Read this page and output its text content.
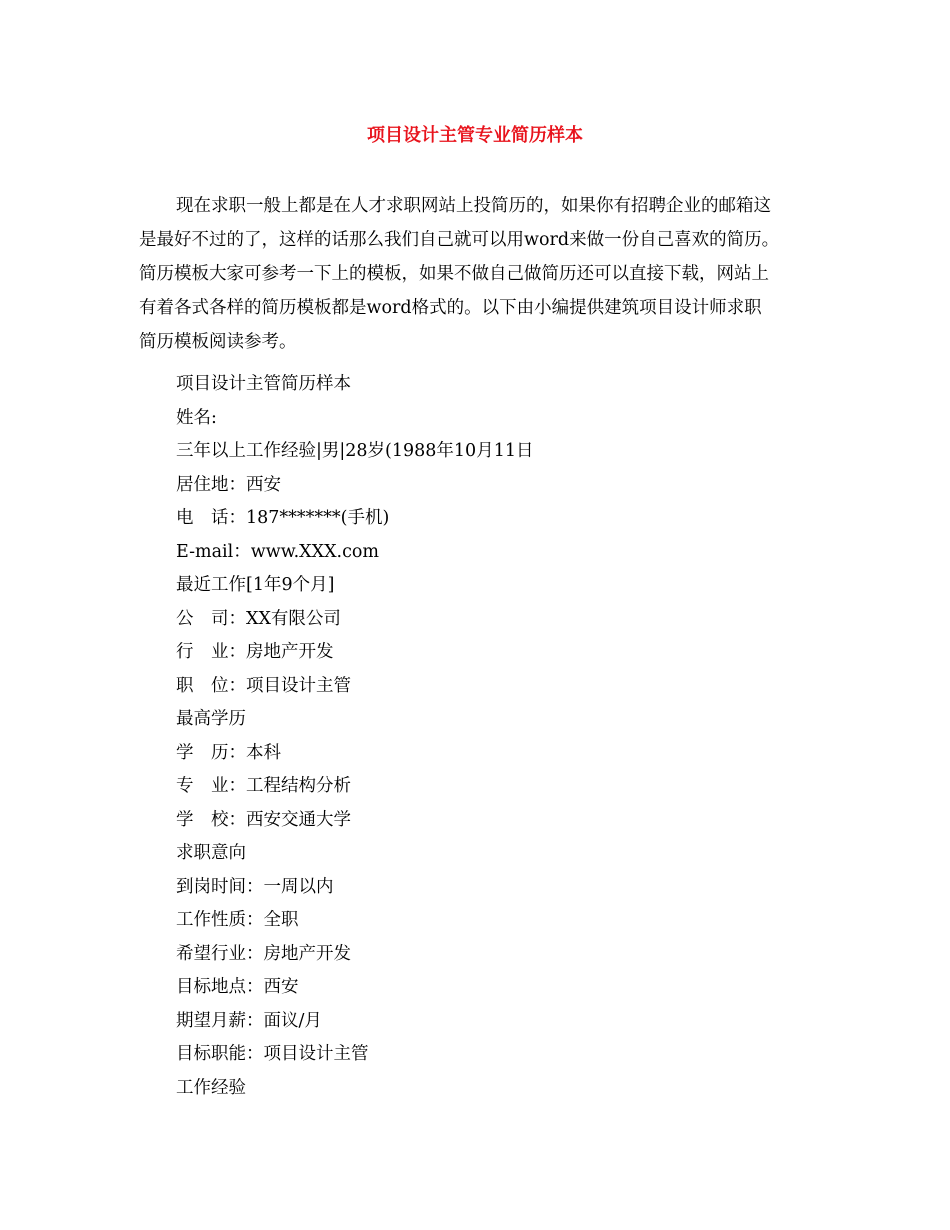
项目设计主管专业简历样本
现在求职一般上都是在人才求职网站上投简历的，如果你有招聘企业的邮箱这
是最好不过的了，这样的话那么我们自己就可以用word来做一份自己喜欢的简历。
简历模板大家可参考一下上的模板，如果不做自己做简历还可以直接下载，网站上
有着各式各样的简历模板都是word格式的。以下由小编提供建筑项目设计师求职
简历模板阅读参考。
项目设计主管简历样本
姓名:
三年以上工作经验|男|28岁(1988年10月11日
居住地：西安
电　话：187*******(手机)
E-mail：www.XXX.com
最近工作[1年9个月]
公　司：XX有限公司
行　业：房地产开发
职　位：项目设计主管
最高学历
学　历：本科
专　业：工程结构分析
学　校：西安交通大学
求职意向
到岗时间：一周以内
工作性质：全职
希望行业：房地产开发
目标地点：西安
期望月薪：面议/月
目标职能：项目设计主管
工作经验
